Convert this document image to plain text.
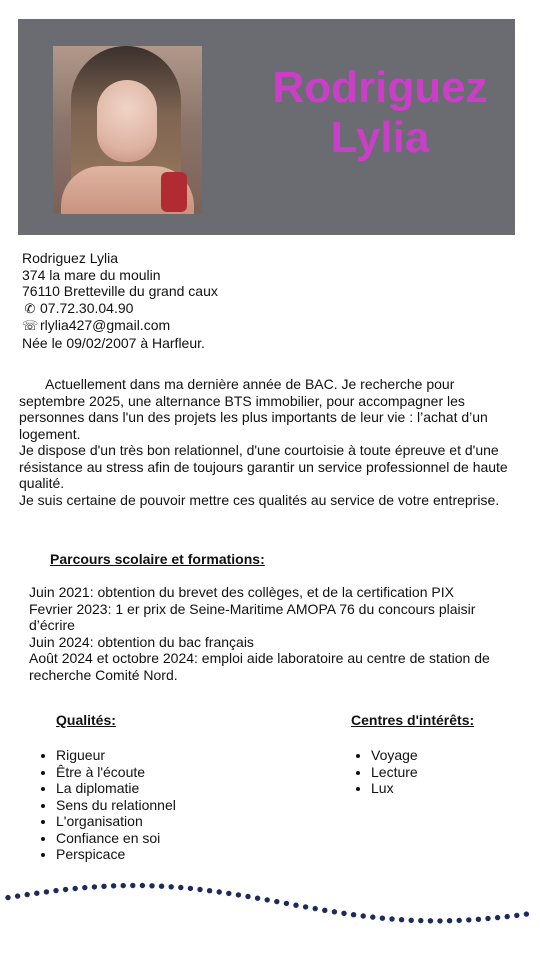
Rodriguez
Lylia
Rodriguez Lylia
374 la mare du moulin
76110 Bretteville du grand caux
✆ 07.72.30.04.90
☏ rlylia427@gmail.com
Née le 09/02/2007 à Harfleur.

Actuellement dans ma dernière année de BAC. Je recherche pour septembre 2025, une alternance BTS immobilier, pour accompagner les personnes dans l'un des projets les plus importants de leur vie : l’achat d’un logement.

Je dispose d'un très bon relationnel, d'une courtoisie à toute épreuve et d'une résistance au stress afin de toujours garantir un service professionnel de haute qualité.

Je suis certaine de pouvoir mettre ces qualités au service de votre entreprise.

Parcours scolaire et formations:
Juin 2021: obtention du brevet des collèges, et de la certification PIX
Fevrier 2023: 1 er prix de Seine-Maritime AMOPA 76 du concours plaisir d’écrire
Juin 2024: obtention du bac français
Août 2024 et octobre 2024: emploi aide laboratoire au centre de station de recherche Comité Nord.
Qualités:
• Rigueur
• Être à l'écoute
• La diplomatie
• Sens du relationnel
• L'organisation
• Confiance en soi
• Perspicace
Centres d'intérêts:
• Voyage
• Lecture
• Lux
